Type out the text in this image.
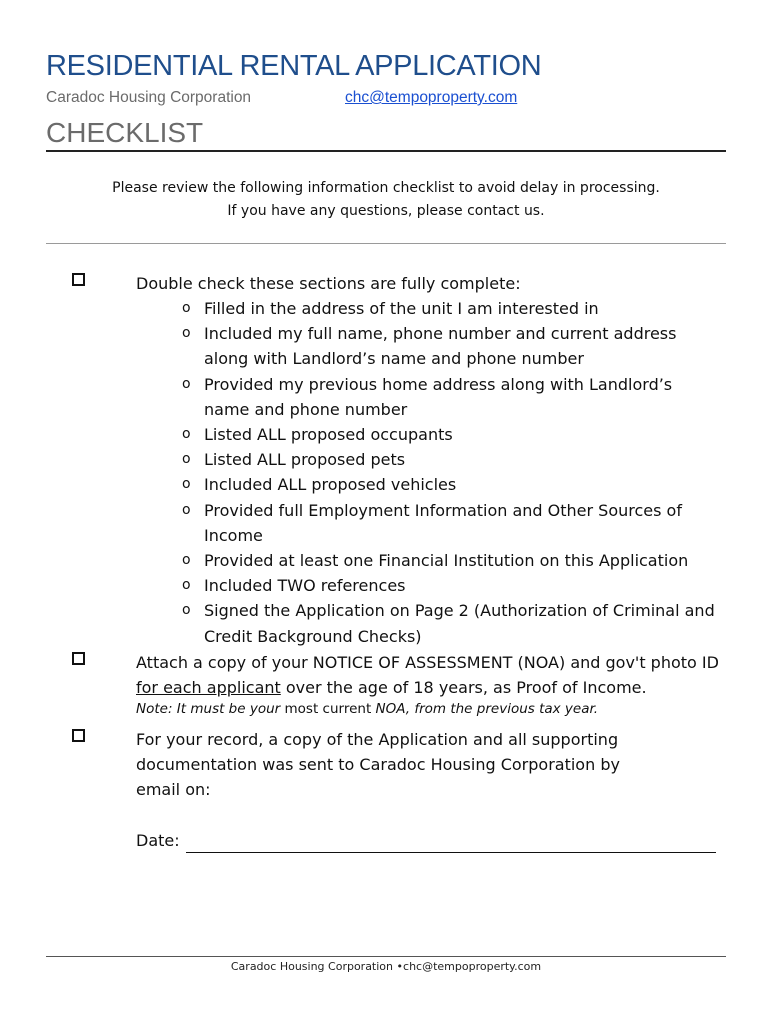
RESIDENTIAL RENTAL APPLICATION
Caradoc Housing Corporation	chc@tempoproperty.com
CHECKLIST
Please review the following information checklist to avoid delay in processing.
If you have any questions, please contact us.
Double check these sections are fully complete:
o Filled in the address of the unit I am interested in
o Included my full name, phone number and current address along with Landlord’s name and phone number
o Provided my previous home address along with Landlord’s name and phone number
o Listed ALL proposed occupants
o Listed ALL proposed pets
o Included ALL proposed vehicles
o Provided full Employment Information and Other Sources of Income
o Provided at least one Financial Institution on this Application
o Included TWO references
o Signed the Application on Page 2 (Authorization of Criminal and Credit Background Checks)
Attach a copy of your NOTICE OF ASSESSMENT (NOA) and gov't photo ID for each applicant over the age of 18 years, as Proof of Income.
Note: It must be your most current NOA, from the previous tax year.
For your record, a copy of the Application and all supporting documentation was sent to Caradoc Housing Corporation by email on:
Date:
Caradoc Housing Corporation •chc@tempoproperty.com
